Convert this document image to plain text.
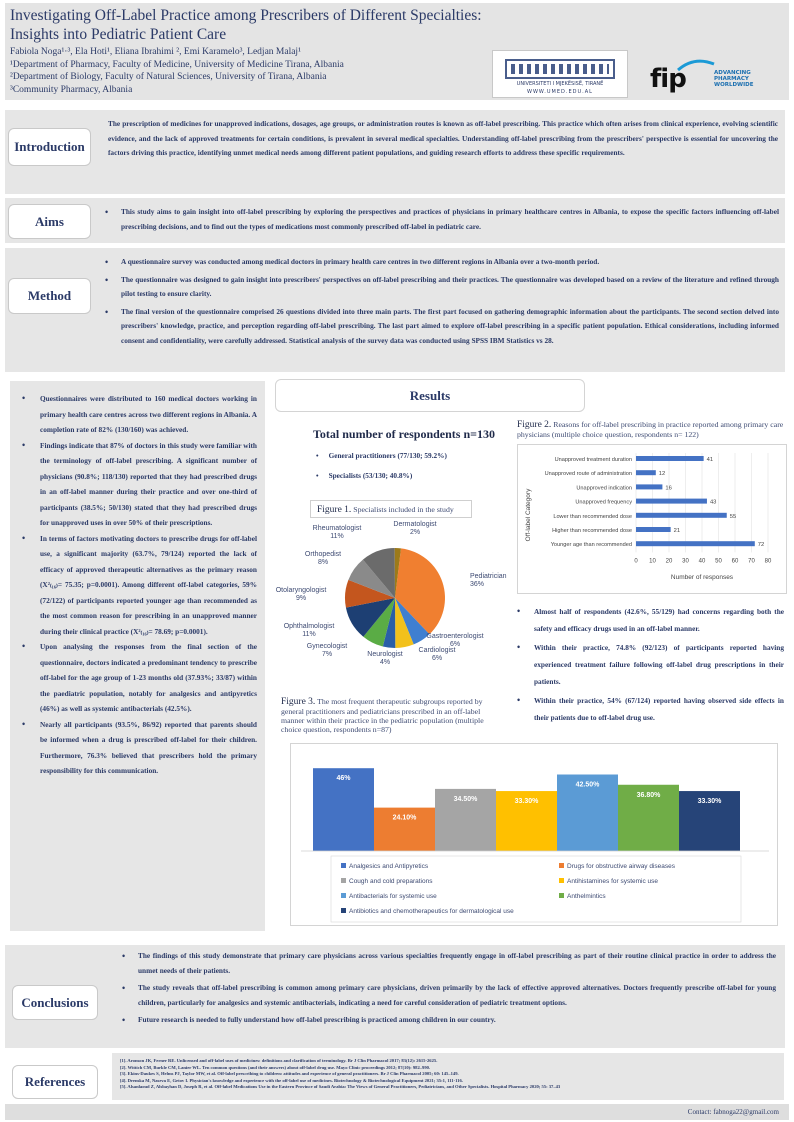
Investigating Off-Label Practice among Prescribers of Different Specialties:
Insights into Pediatric Patient Care
Fabiola Noga¹·³, Ela Hoti¹, Eliana Ibrahimi ², Emi Karamelo³, Ledjan Malaj¹
¹Department of Pharmacy, Faculty of Medicine, University of Medicine Tirana, Albania
²Department of Biology, Faculty of Natural Sciences, University of Tirana, Albania
³Community Pharmacy, Albania
UNIVERSITETI I MJEKËSISË, TIRANË
WWW.UMED.EDU.AL	fip	ADVANCING PHARMACY WORLDWIDE
Introduction
The prescription of medicines for unapproved indications, dosages, age groups, or administration routes is known as off-label prescribing. This practice which often arises from clinical experience, evolving scientific evidence, and the lack of approved treatments for certain conditions, is prevalent in several medical specialties. Understanding off-label prescribing from the prescribers' perspective is essential for uncovering the factors driving this practice, identifying unmet medical needs among different patient populations, and guiding research efforts to address these specific requirements.
Aims
• This study aims to gain insight into off-label prescribing by exploring the perspectives and practices of physicians in primary healthcare centres in Albania, to expose the specific factors influencing off-label prescribing decisions, and to find out the types of medications most commonly prescribed off-label in pediatric care.
Method
• A questionnaire survey was conducted among medical doctors in primary health care centres in two different regions in Albania over a two-month period.
• The questionnaire was designed to gain insight into prescribers' perspectives on off-label prescribing and their practices. The questionnaire was developed based on a review of the literature and refined through pilot testing to ensure clarity.
• The final version of the questionnaire comprised 26 questions divided into three main parts. The first part focused on gathering demographic information about the participants. The second section delved into prescribers' knowledge, practice, and perception regarding off-label prescribing. The last part aimed to explore off-label prescribing in a specific patient population. Ethical considerations, including informed consent and confidentiality, were carefully addressed. Statistical analysis of the survey data was conducted using SPSS IBM Statistics vs 28.
• Questionnaires were distributed to 160 medical doctors working in primary health care centres across two different regions in Albania. A completion rate of 82% (130/160) was achieved.
• Findings indicate that 87% of doctors in this study were familiar with the terminology of off-label prescribing. A significant number of physicians (90.8%; 118/130) reported that they had prescribed drugs in an off-label manner during their practice and over one-third of participants (38.5%; 50/130) stated that they had prescribed drugs for unapproved uses in over 50% of their prescriptions.
• In terms of factors motivating doctors to prescribe drugs for off-label use, a significant majority (63.7%, 79/124) reported the lack of efficacy of approved therapeutic alternatives as the primary reason (X²₍₁₆₎= 75.35; p=0.0001). Among different off-label categories, 59% (72/122) of participants reported younger age than recommended as the most common reason for prescribing in an unapproved manner during their clinical practice (X²₍₁₆₎= 78.69; p=0.0001).
• Upon analysing the responses from the final section of the questionnaire, doctors indicated a predominant tendency to prescribe off-label for the age group of 1-23 months old (37.93%; 33/87) within the paediatric population, notably for analgesics and antipyretics (46%) as well as systemic antibacterials (42.5%).
• Nearly all participants (93.5%, 86/92) reported that parents should be informed when a drug is prescribed off-label for their children. Furthermore, 76.3% believed that prescribers hold the primary responsibility for this communication.
Results
Total number of respondents n=130
• General practitioners (77/130; 59.2%)
• Specialists (53/130; 40.8%)
Figure 1. Specialists included in the study
Pediatrician 36%
Gastroenterologist 6%
Cardiologist 6%
Neurologist 4%
Gynecologist 7%
Ophthalmologist 11%
Otolaryngologist 9%
Orthopedist 8%
Rheumatologist 11%
Dermatologist 2%
Figure 2. Reasons for off-label prescribing in practice reported among primary care physicians (multiple choice question, respondents n= 122)
0 10 20 30 40 50 60 70 80
Unapproved treatment duration	41
Unapproved route of administration	12
Unapproved indication	16
Unapproved frequency	43
Lower than recommended dose	55
Higher than recommended dose	21
Younger age than recommended	72
Number of responses
Off-label Category
• Almost half of respondents (42.6%, 55/129) had concerns regarding both the safety and efficacy drugs used in an off-label manner.
• Within their practice, 74.8% (92/123) of participants reported having experienced treatment failure following off-label drug prescriptions in their patients.
• Within their practice, 54% (67/124) reported having observed side effects in their patients due to off-label drug use.
Figure 3. The most frequent therapeutic subgroups reported by general practitioners and pediatricians prescribed in an off-label manner within their practice in the pediatric population (multiple choice question, respondents n=87)
46%
24.10%
34.50%	33.30%
42.50%
36.80%
33.30%
Analgesics and Antipyretics	Drugs for obstructive airway diseases
Cough and cold preparations	Antihistamines for systemic use
Antibacterials for systemic use	Anthelmintics
Antibiotics and chemotherapeutics for dermatological use
Conclusions
• The findings of this study demonstrate that primary care physicians across various specialties frequently engage in off-label prescribing as part of their routine clinical practice in order to address the unmet needs of their patients.
• The study reveals that off-label prescribing is common among primary care physicians, driven primarily by the lack of effective approved alternatives. Doctors frequently prescribe off-label for young children, particularly for analgesics and systemic antibacterials, indicating a need for careful consideration of pediatric treatment options.
• Future research is needed to fully understand how off-label prescribing is practiced among children in our country.
References
[1]. Aronson JK, Ferner RE. Unlicensed and off-label uses of medicines: definitions and clarification of terminology. Br J Clin Pharmacol 2017; 83(12): 2615-2625.
[2]. Wittich CM, Burkle CM, Lanier WL. Ten common questions (and their answers) about off-label drug use. Mayo Clinic proceedings 2012; 87(10): 982–990.
[3]. Ekins-Daukes S, Helms PJ, Taylor MW, et al. Off-label prescribing to children: attitudes and experience of general practitioners. Br J Clin Pharmacol 2005; 60: 145–149.
[4]. Drenska M, Naseva E, Getov I. Physician's knowledge and experience with the off-label use of medicines. Biotechnology & Biotechnological Equipment 2021; 35:1, 111-116.
[5]. Alsanlaoud Z, Alsbayhan D, Joseph R, et al. Off-label Medications Use in the Eastern Province of Saudi Arabia: The Views of General Practitioners, Pediatricians, and Other Specialists. Hospital Pharmacy 2020; 55: 37–43
Contact: fabnoga22@gmail.com
